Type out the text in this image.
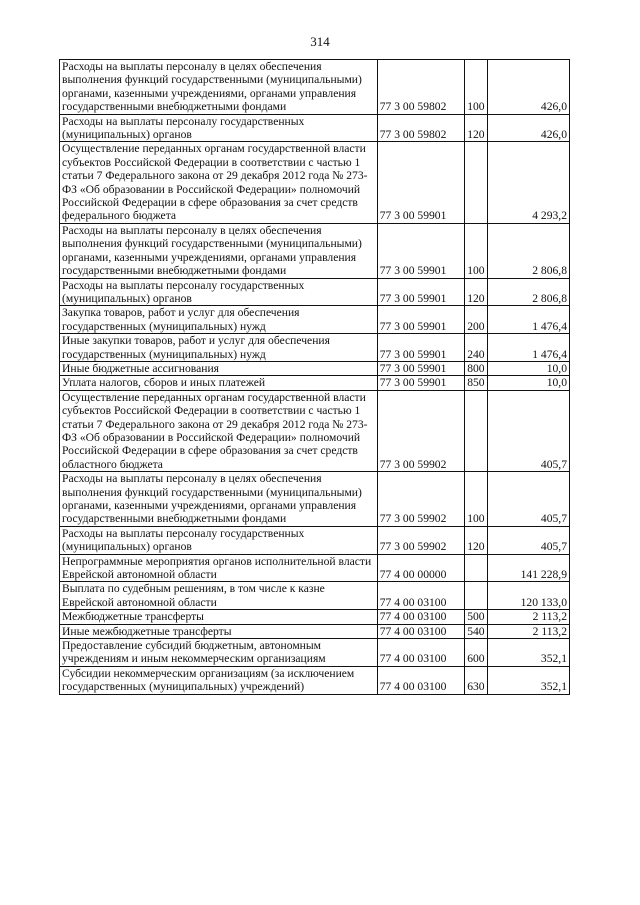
314
Расходы на выплаты персоналу в целях обеспечения выполнения функций государственными (муниципальными) органами, казенными учреждениями, органами управления государственными внебюджетными фондами	77 3 00 59802	100	426,0
Расходы на выплаты персоналу государственных (муниципальных) органов	77 3 00 59802	120	426,0
Осуществление переданных органам государственной власти субъектов Российской Федерации в соответствии с частью 1 статьи 7 Федерального закона от 29 декабря 2012 года № 273-ФЗ «Об образовании в Российской Федерации» полномочий Российской Федерации в сфере образования за счет средств федерального бюджета	77 3 00 59901		4 293,2
Расходы на выплаты персоналу в целях обеспечения выполнения функций государственными (муниципальными) органами, казенными учреждениями, органами управления государственными внебюджетными фондами	77 3 00 59901	100	2 806,8
Расходы на выплаты персоналу государственных (муниципальных) органов	77 3 00 59901	120	2 806,8
Закупка товаров, работ и услуг для обеспечения государственных (муниципальных) нужд	77 3 00 59901	200	1 476,4
Иные закупки товаров, работ и услуг для обеспечения государственных (муниципальных) нужд	77 3 00 59901	240	1 476,4
Иные бюджетные ассигнования	77 3 00 59901	800	10,0
Уплата налогов, сборов и иных платежей	77 3 00 59901	850	10,0
Осуществление переданных органам государственной власти субъектов Российской Федерации в соответствии с частью 1 статьи 7 Федерального закона от 29 декабря 2012 года № 273-ФЗ «Об образовании в Российской Федерации» полномочий Российской Федерации в сфере образования за счет средств областного бюджета	77 3 00 59902		405,7
Расходы на выплаты персоналу в целях обеспечения выполнения функций государственными (муниципальными) органами, казенными учреждениями, органами управления государственными внебюджетными фондами	77 3 00 59902	100	405,7
Расходы на выплаты персоналу государственных (муниципальных) органов	77 3 00 59902	120	405,7
Непрограммные мероприятия органов исполнительной власти Еврейской автономной области	77 4 00 00000		141 228,9
Выплата по судебным решениям, в том числе к казне Еврейской автономной области	77 4 00 03100		120 133,0
Межбюджетные трансферты	77 4 00 03100	500	2 113,2
Иные межбюджетные трансферты	77 4 00 03100	540	2 113,2
Предоставление субсидий бюджетным, автономным учреждениям и иным некоммерческим организациям	77 4 00 03100	600	352,1
Субсидии некоммерческим организациям (за исключением государственных (муниципальных) учреждений)	77 4 00 03100	630	352,1
